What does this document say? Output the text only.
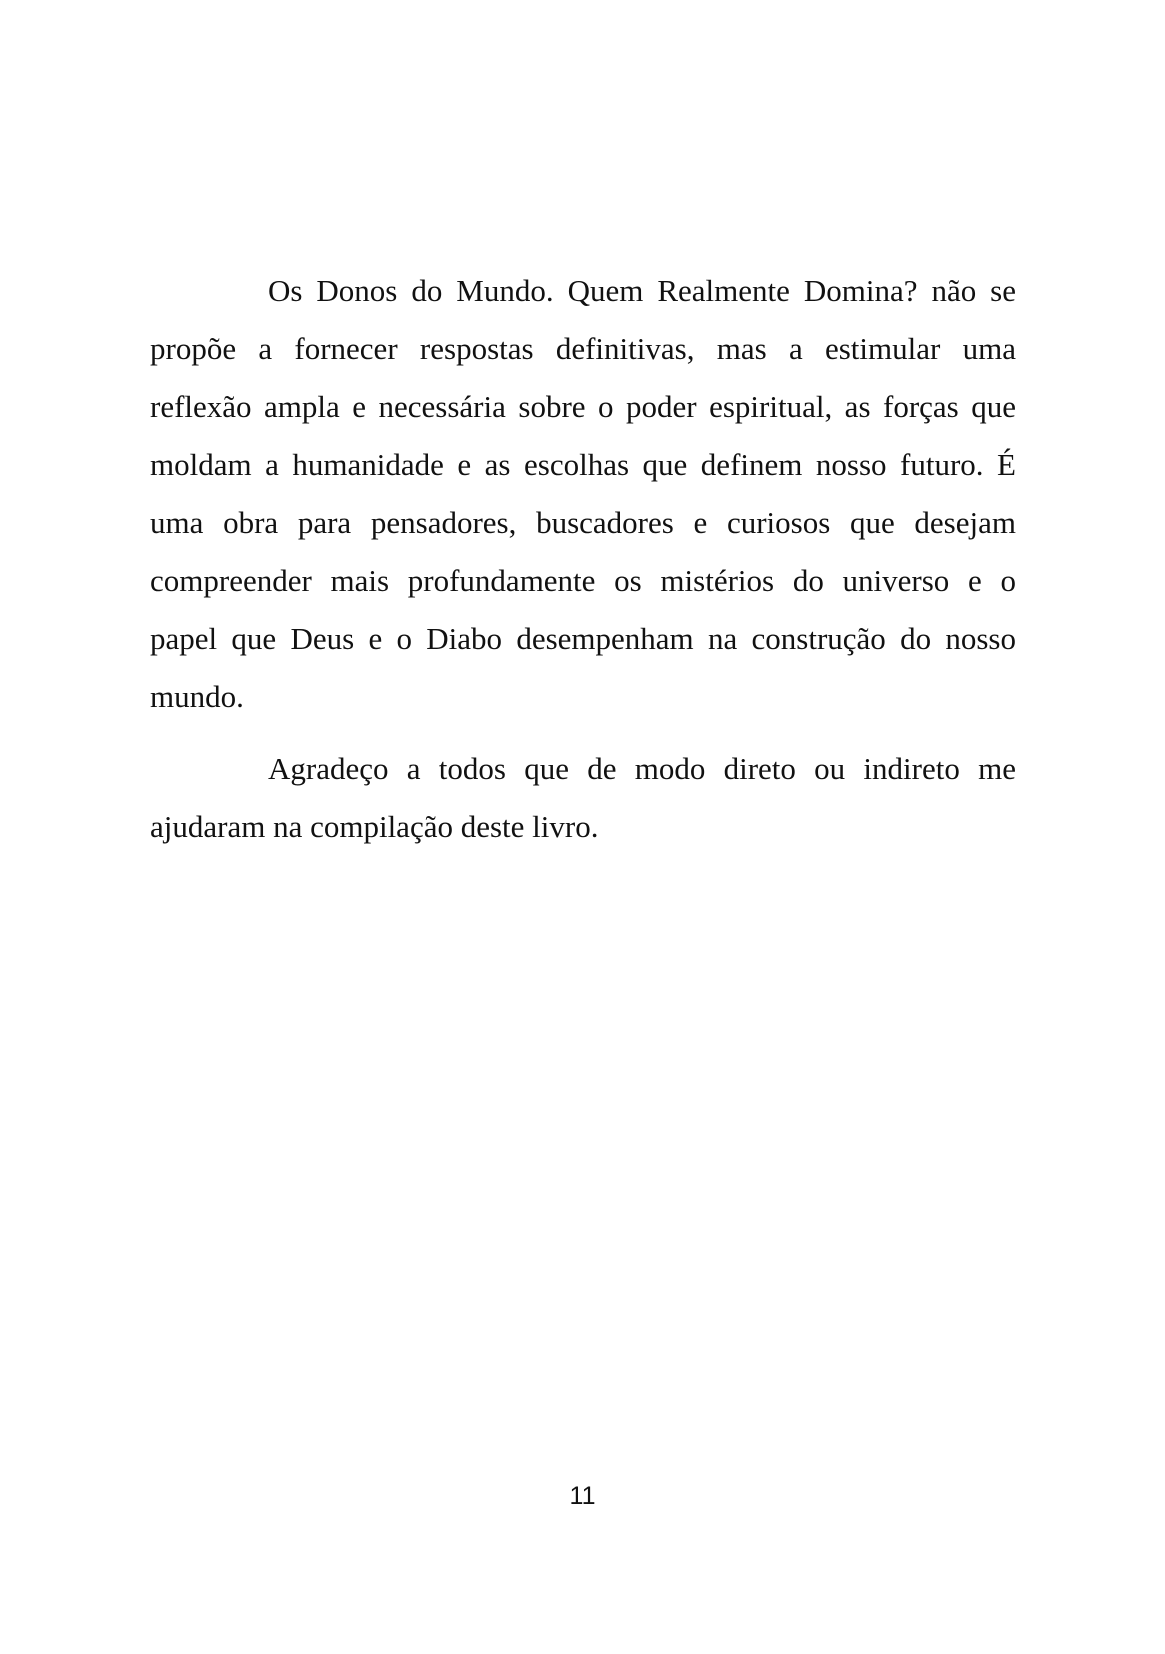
Os Donos do Mundo. Quem Realmente Domina? não se
propõe a fornecer respostas definitivas, mas a estimular uma
reflexão ampla e necessária sobre o poder espiritual, as forças que
moldam a humanidade e as escolhas que definem nosso futuro. É
uma obra para pensadores, buscadores e curiosos que desejam
compreender mais profundamente os mistérios do universo e o
papel que Deus e o Diabo desempenham na construção do nosso
mundo.
Agradeço a todos que de modo direto ou indireto me
ajudaram na compilação deste livro.
11
